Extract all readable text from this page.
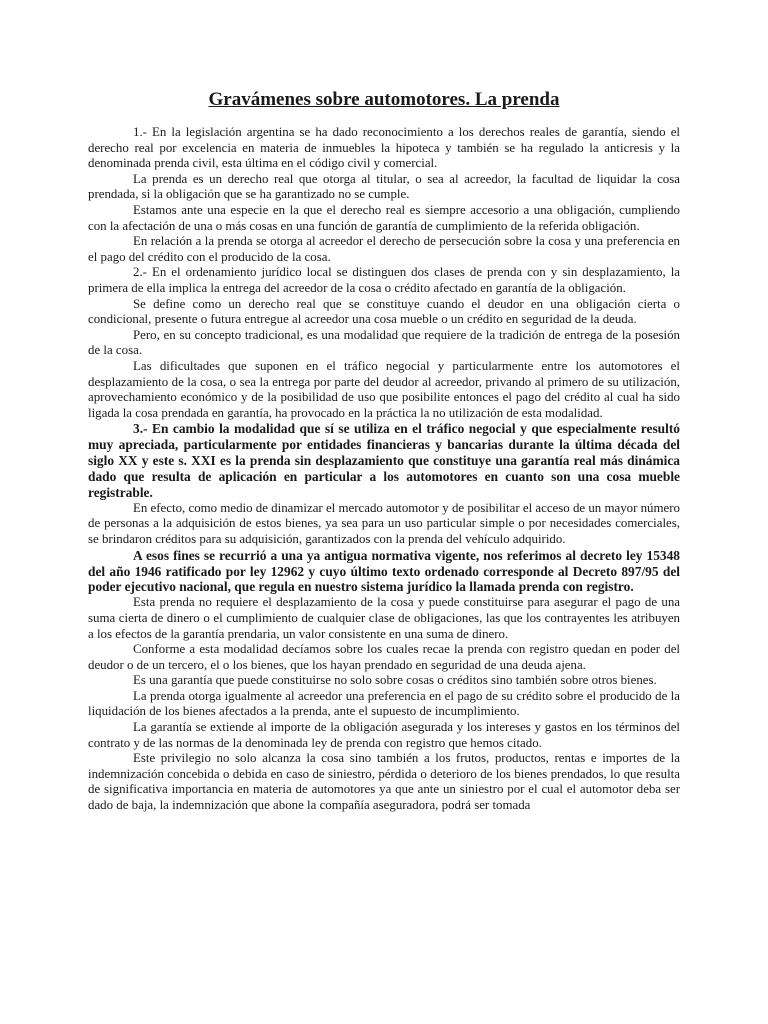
Gravámenes sobre automotores. La prenda

1.- En la legislación argentina se ha dado reconocimiento a los derechos reales de garantía, siendo el derecho real por excelencia en materia de inmuebles la hipoteca y también se ha regulado la anticresis y la denominada prenda civil, esta última en el código civil y comercial.

La prenda es un derecho real que otorga al titular, o sea al acreedor, la facultad de liquidar la cosa prendada, si la obligación que se ha garantizado no se cumple.

Estamos ante una especie en la que el derecho real es siempre accesorio a una obligación, cumpliendo con la afectación de una o más cosas en una función de garantía de cumplimiento de la referida obligación.

En relación a la prenda se otorga al acreedor el derecho de persecución sobre la cosa y una preferencia en el pago del crédito con el producido de la cosa.

2.- En el ordenamiento jurídico local se distinguen dos clases de prenda con y sin desplazamiento, la primera de ella implica la entrega del acreedor de la cosa o crédito afectado en garantía de la obligación.

Se define como un derecho real que se constituye cuando el deudor en una obligación cierta o condicional, presente o futura entregue al acreedor una cosa mueble o un crédito en seguridad de la deuda.

Pero, en su concepto tradicional, es una modalidad que requiere de la tradición de entrega de la posesión de la cosa.

Las dificultades que suponen en el tráfico negocial y particularmente entre los automotores el desplazamiento de la cosa, o sea la entrega por parte del deudor al acreedor, privando al primero de su utilización, aprovechamiento económico y de la posibilidad de uso que posibilite entonces el pago del crédito al cual ha sido ligada la cosa prendada en garantía, ha provocado en la práctica la no utilización de esta modalidad.

3.- En cambio la modalidad que sí se utiliza en el tráfico negocial y que especialmente resultó muy apreciada, particularmente por entidades financieras y bancarias durante la última década del siglo XX y este s. XXI es la prenda sin desplazamiento que constituye una garantía real más dinámica dado que resulta de aplicación en particular a los automotores en cuanto son una cosa mueble registrable.

En efecto, como medio de dinamizar el mercado automotor y de posibilitar el acceso de un mayor número de personas a la adquisición de estos bienes, ya sea para un uso particular simple o por necesidades comerciales, se brindaron créditos para su adquisición, garantizados con la prenda del vehículo adquirido.

A esos fines se recurrió a una ya antigua normativa vigente, nos referimos al decreto ley 15348 del año 1946 ratificado por ley 12962 y cuyo último texto ordenado corresponde al Decreto 897/95 del poder ejecutivo nacional, que regula en nuestro sistema jurídico la llamada prenda con registro.

Esta prenda no requiere el desplazamiento de la cosa y puede constituirse para asegurar el pago de una suma cierta de dinero o el cumplimiento de cualquier clase de obligaciones, las que los contrayentes les atribuyen a los efectos de la garantía prendaria, un valor consistente en una suma de dinero.

Conforme a esta modalidad decíamos sobre los cuales recae la prenda con registro quedan en poder del deudor o de un tercero, el o los bienes, que los hayan prendado en seguridad de una deuda ajena.

Es una garantía que puede constituirse no solo sobre cosas o créditos sino también sobre otros bienes.

La prenda otorga igualmente al acreedor una preferencia en el pago de su crédito sobre el producido de la liquidación de los bienes afectados a la prenda, ante el supuesto de incumplimiento.

La garantía se extiende al importe de la obligación asegurada y los intereses y gastos en los términos del contrato y de las normas de la denominada ley de prenda con registro que hemos citado.

Este privilegio no solo alcanza la cosa sino también a los frutos, productos, rentas e importes de la indemnización concebida o debida en caso de siniestro, pérdida o deterioro de los bienes prendados, lo que resulta de significativa importancia en materia de automotores ya que ante un siniestro por el cual el automotor deba ser dado de baja, la indemnización que abone la compañía aseguradora, podrá ser tomada
